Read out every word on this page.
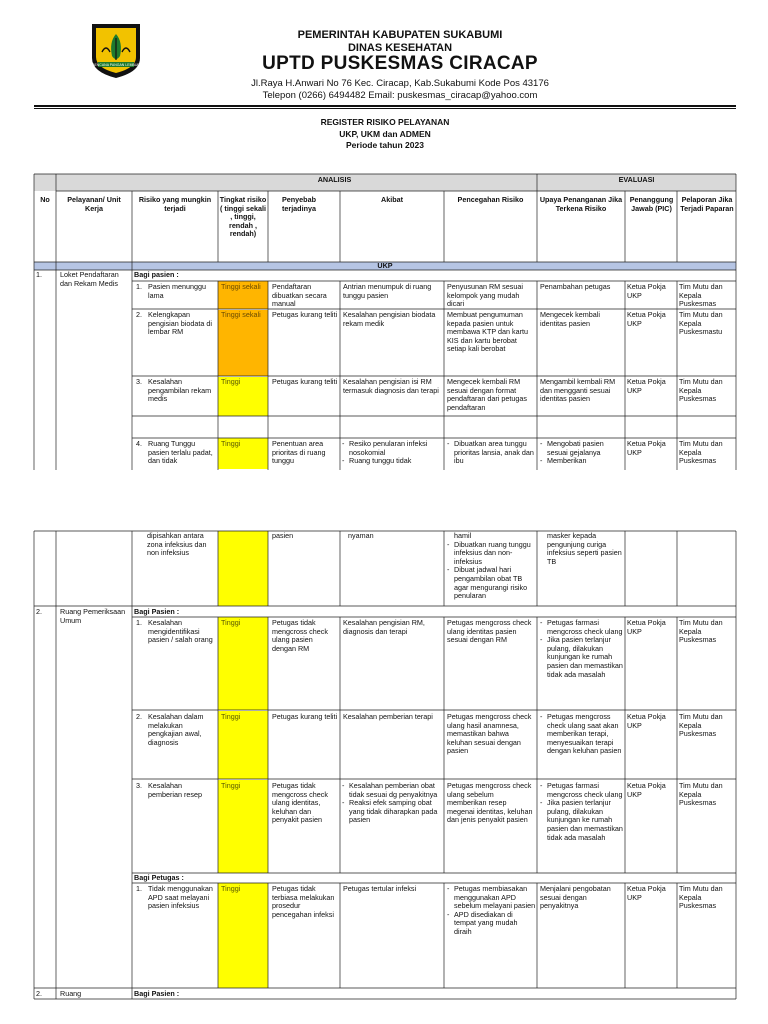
BENCANA PANGAN LEMBUR
PEMERINTAH KABUPATEN SUKABUMI
DINAS KESEHATAN
UPTD PUSKESMAS CIRACAP
Jl.Raya H.Anwari No 76 Kec. Ciracap, Kab.Sukabumi Kode Pos 43176
Telepon (0266) 6494482 Email: puskesmas_ciracap@yahoo.com
REGISTER RISIKO PELAYANAN
UKP, UKM dan ADMEN
Periode tahun 2023
ANALISIS	EVALUASI
No	Pelayanan/ Unit Kerja
Risiko yang mungkin terjadi
Tingkat risiko ( tinggi sekali , tinggi, rendah , rendah)
Penyebab terjadinya
Akibat	Pencegahan Risiko	Upaya Penanganan Jika Terkena Risiko
Penanggung Jawab (PIC)
Pelaporan Jika Terjadi Paparan
UKP
1.	Loket Pendaftaran dan Rekam Medis
Bagi pasien :
1. Pasien menunggu lama
Tinggi sekali	Pendaftaran dibuatkan secara manual
Antrian menumpuk di ruang tunggu pasien
Penyusunan RM sesuai kelompok yang mudah dicari
Penambahan petugas	Ketua Pokja UKP
Tim Mutu dan Kepala Puskesmas
2. Kelengkapan pengisian biodata di lembar RM
Tinggi sekali	Petugas kurang teliti Kesalahan pengisian biodata rekam medik
Membuat pengumuman kepada pasien untuk membawa KTP dan kartu KIS dan kartu berobat setiap kali berobat
Mengecek kembali identitas pasien
Ketua Pokja UKP
Tim Mutu dan Kepala Puskesmastu
3. Kesalahan pengambilan rekam medis
Tinggi	Petugas kurang teliti Kesalahan pengisian isi RM termasuk diagnosis dan terapi
Mengecek kembali RM sesuai dengan format pendaftaran dari petugas pendaftaran
Mengambil kembali RM dan mengganti sesuai identitas pasien
Ketua Pokja UKP
Tim Mutu dan Kepala Puskesmas
4. Ruang Tunggu pasien terlalu padat, dan tidak
Tinggi	Penentuan area prioritas di ruang tunggu
- Resiko penularan infeksi nosokomial
- Ruang tunggu tidak
- Dibuatkan area tunggu prioritas lansia, anak dan ibu
- Mengobati pasien sesuai gejalanya
- Memberikan
Ketua Pokja UKP
Tim Mutu dan Kepala Puskesmas
dipisahkan antara zona infeksius dan non infeksius
pasien	nyaman	hamil
- Dibuatkan ruang tunggu infeksius dan non-infeksius
- Dibuat jadwal hari pengambilan obat TB agar mengurangi risiko penularan
masker kepada pengunjung curiga infeksius seperti pasien TB
2.	Ruang Pemeriksaan Umum
Bagi Pasien :
1. Kesalahan mengidentifikasi pasien / salah orang
Tinggi	Petugas tidak mengcross check ulang pasien dengan RM
Kesalahan pengisian RM, diagnosis dan terapi
Petugas mengcross check ulang identitas pasien sesuai dengan RM
- Petugas farmasi mengcross check ulang
- Jika pasien terlanjur pulang, dilakukan kunjungan ke rumah pasien dan memastikan tidak ada masalah
Ketua Pokja UKP
Tim Mutu dan Kepala Puskesmas
2. Kesalahan dalam melakukan pengkajian awal, diagnosis
Tinggi	Petugas kurang teliti Kesalahan pemberian terapi	Petugas mengcross check ulang hasil anamnesa, memastikan bahwa keluhan sesuai dengan pasien
- Petugas mengcross check ulang saat akan memberikan terapi, menyesuaikan terapi dengan keluhan pasien
Ketua Pokja UKP
Tim Mutu dan Kepala Puskesmas
3. Kesalahan pemberian resep
Tinggi	Petugas tidak mengcross check ulang identitas, keluhan dan penyakit pasien
- Kesalahan pemberian obat tidak sesuai dg penyakitnya
- Reaksi efek samping obat yang tidak diharapkan pada pasien
Petugas mengcross check ulang sebelum memberikan resep megenai identitas, keluhan dan jenis penyakit pasien
- Petugas farmasi mengcross check ulang
- Jika pasien terlanjur pulang, dilakukan kunjungan ke rumah pasien dan memastikan tidak ada masalah
Ketua Pokja UKP
Tim Mutu dan Kepala Puskesmas
Bagi Petugas :
1. Tidak menggunakan APD saat melayani pasien infeksius
Tinggi	Petugas tidak terbiasa melakukan prosedur pencegahan infeksi
Petugas tertular infeksi
-	Petugas membiasakan menggunakan APD sebelum melayani pasien
- APD disediakan di tempat yang mudah diraih
Menjalani pengobatan sesuai dengan penyakitnya
Ketua Pokja UKP
Tim Mutu dan Kepala Puskesmas
2.	Ruang	Bagi Pasien :
